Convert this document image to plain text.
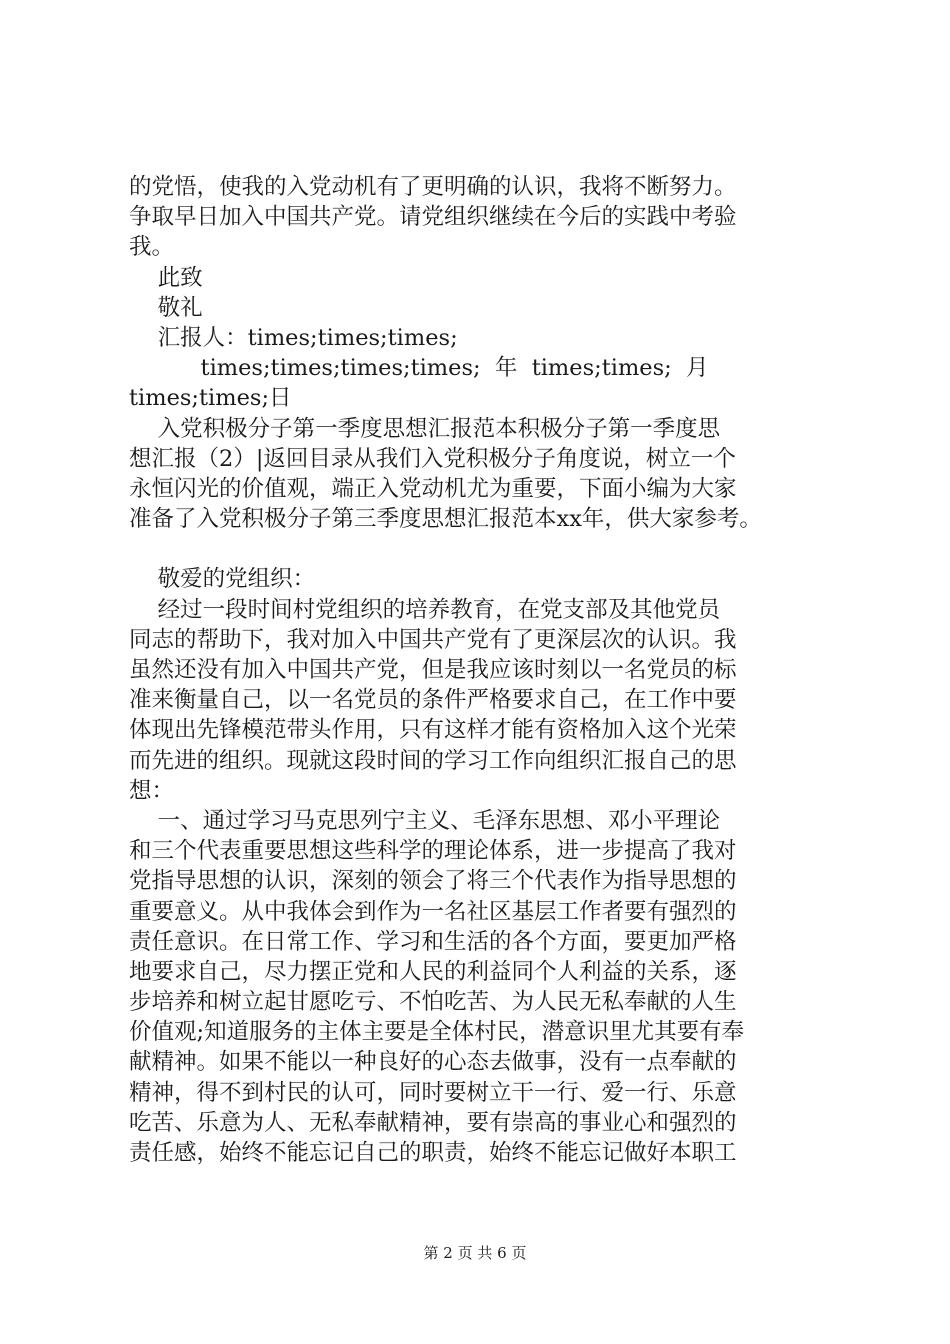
的党悟，使我的入党动机有了更明确的认识，我将不断努力。
争取早日加入中国共产党。请党组织继续在今后的实践中考验
我。
此致
敬礼
汇报人：times;times;times;
times;times;times;times;  年  times;times;  月
times;times;日
入党积极分子第一季度思想汇报范本积极分子第一季度思
想汇报（2）|返回目录从我们入党积极分子角度说，树立一个
永恒闪光的价值观，端正入党动机尤为重要，下面小编为大家
准备了入党积极分子第三季度思想汇报范本xx年，供大家参考。
敬爱的党组织：
经过一段时间村党组织的培养教育，在党支部及其他党员
同志的帮助下，我对加入中国共产党有了更深层次的认识。我
虽然还没有加入中国共产党，但是我应该时刻以一名党员的标
准来衡量自己，以一名党员的条件严格要求自己，在工作中要
体现出先锋模范带头作用，只有这样才能有资格加入这个光荣
而先进的组织。现就这段时间的学习工作向组织汇报自己的思
想：
一、通过学习马克思列宁主义、毛泽东思想、邓小平理论
和三个代表重要思想这些科学的理论体系，进一步提高了我对
党指导思想的认识，深刻的领会了将三个代表作为指导思想的
重要意义。从中我体会到作为一名社区基层工作者要有强烈的
责任意识。在日常工作、学习和生活的各个方面，要更加严格
地要求自己，尽力摆正党和人民的利益同个人利益的关系，逐
步培养和树立起甘愿吃亏、不怕吃苦、为人民无私奉献的人生
价值观;知道服务的主体主要是全体村民，潜意识里尤其要有奉
献精神。如果不能以一种良好的心态去做事，没有一点奉献的
精神，得不到村民的认可，同时要树立干一行、爱一行、乐意
吃苦、乐意为人、无私奉献精神，要有崇高的事业心和强烈的
责任感，始终不能忘记自己的职责，始终不能忘记做好本职工
第 2 页 共 6 页
